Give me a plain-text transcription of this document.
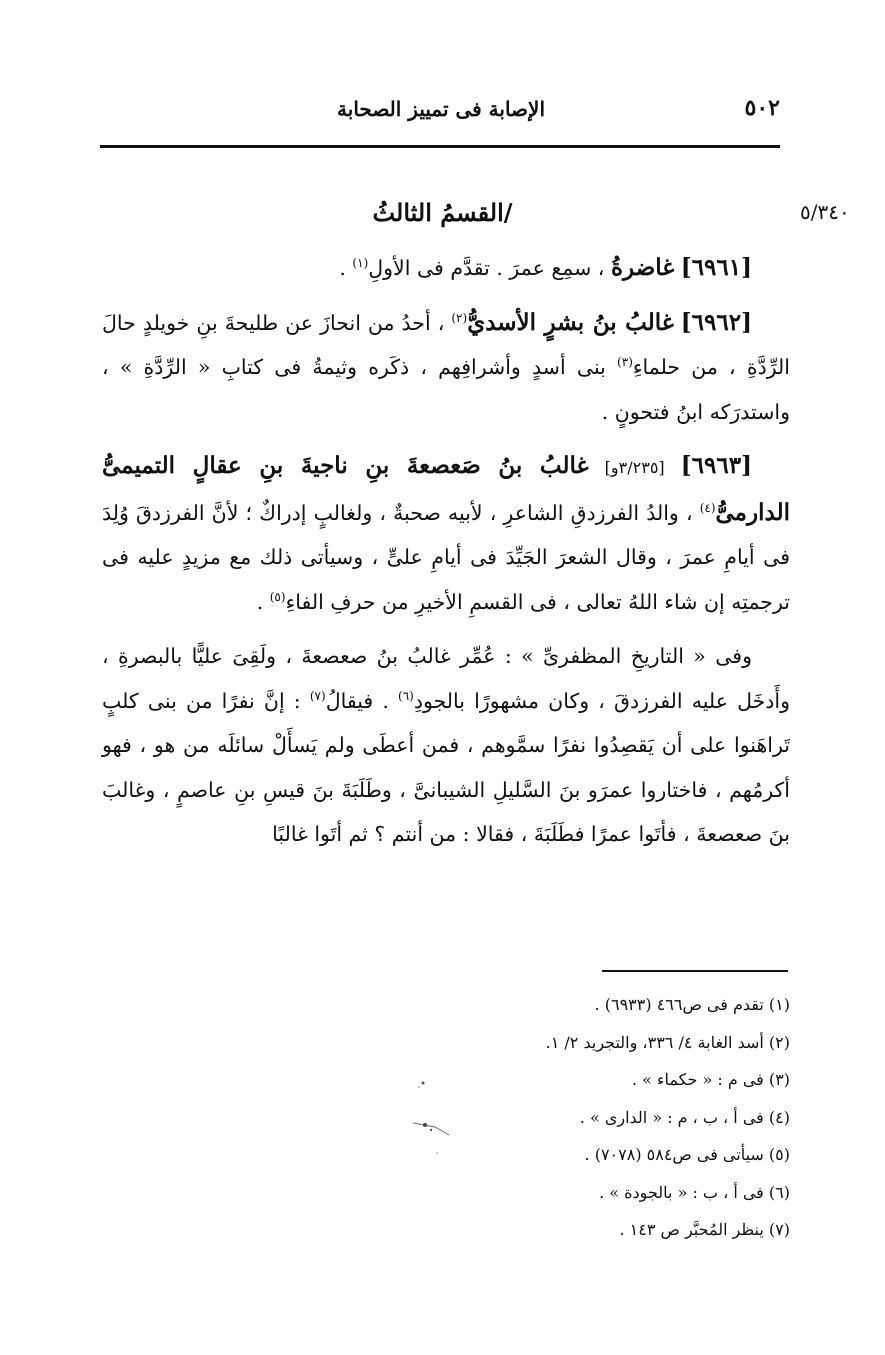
٥٠٢
الإصابة فى تمييز الصحابة
٥/٣٤٠
/القسمُ الثالثُ

[٦٩٦١] غاضرةُ ، سمِع عمرَ . تقدَّم فى الأولِ$^{(١)}$ .

[٦٩٦٢] غالبُ بنُ بشرٍ الأسديُّ$^{(٢)}$ ، أحدُ من انحازَ عن طليحةَ بنِ خويلدٍ حالَ الرِّدَّةِ ، من حلماءِ$^{(٣)}$ بنى أسدٍ وأشرافِهم ، ذكَره وثيمةُ فى كتابِ « الرِّدَّةِ » ، واستدرَكه ابنُ فتحونٍ .

[٦٩٦٣] [٣/٢٣٥و] غالبُ بنُ صَعصعةَ بنِ ناجيةَ بنِ عقالٍ التميمىُّ الدارمىُّ$^{(٤)}$ ، والدُ الفرزدقِ الشاعرِ ، لأبيه صحبةٌ ، ولغالبٍ إدراكٌ ؛ لأنَّ الفرزدقَ وُلِدَ فى أيامِ عمرَ ، وقال الشعرَ الجَيِّدَ فى أيامِ علىٍّ ، وسيأتى ذلك مع مزيدٍ عليه فى ترجمتِه إن شاء اللهُ تعالى ، فى القسمِ الأخيرِ من حرفِ الفاءِ$^{(٥)}$ .

وفى « التاريخِ المظفرىِّ » : عُمِّر غالبُ بنُ صعصعةَ ، ولَقِىَ عليًّا بالبصرةِ ، وأَدخَل عليه الفرزدقَ ، وكان مشهورًا بالجودِ$^{(٦)}$ . فيقالُ$^{(٧)}$ : إنَّ نفرًا من بنى كلبٍ تَراهَنوا على أن يَقصِدُوا نفرًا سمَّوهم ، فمن أعطَى ولم يَسأَلْ سائلَه من هو ، فهو أكرمُهم ، فاختاروا عمرَو بنَ السَّليلِ الشيبانىَّ ، وطَلَبَةَ بنَ قيسِ بنِ عاصمٍ ، وغالبَ بنَ صعصعةَ ، فأتَوا عمرًا فطَلَبَةَ ، فقالا : من أنتم ؟ ثم أتَوا غالبًا

(١) تقدم فى ص٤٦٦ (٦٩٣٣) .
(٢) أسد الغابة ٤/ ٣٣٦، والتجريد ٢/ ١.
(٣) فى م : « حكماء » .
(٤) فى أ ، ب ، م : « الدارى » .
(٥) سيأتى فى ص٥٨٤ (٧٠٧٨) .
(٦) فى أ ، ب : « بالجودة » .
(٧) ينظر المُحبَّر ص ١٤٣ .
